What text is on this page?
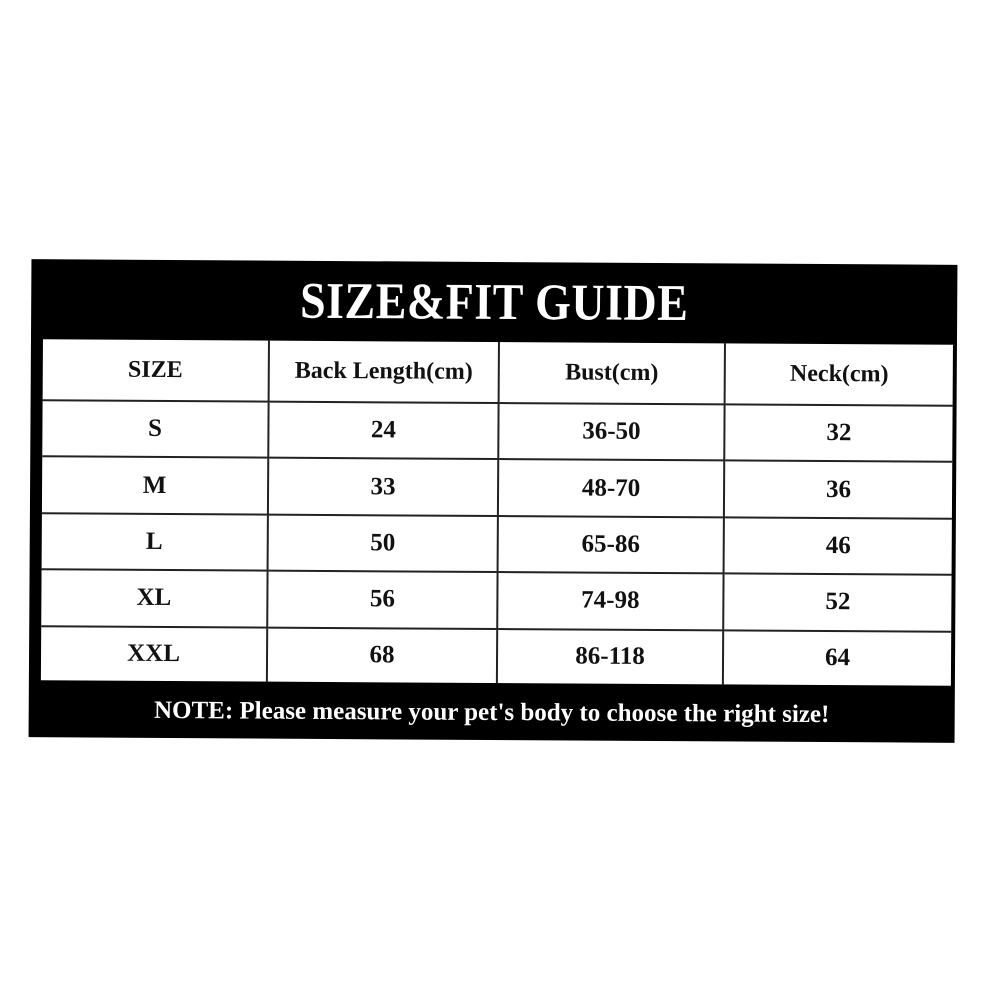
SIZE&FIT GUIDE
SIZE	Back Length(cm)	Bust(cm)	Neck(cm)
S	24	36-50	32
M	33	48-70	36
L	50	65-86	46
XL	56	74-98	52
XXL	68	86-118	64
NOTE: Please measure your pet's body to choose the right size!
